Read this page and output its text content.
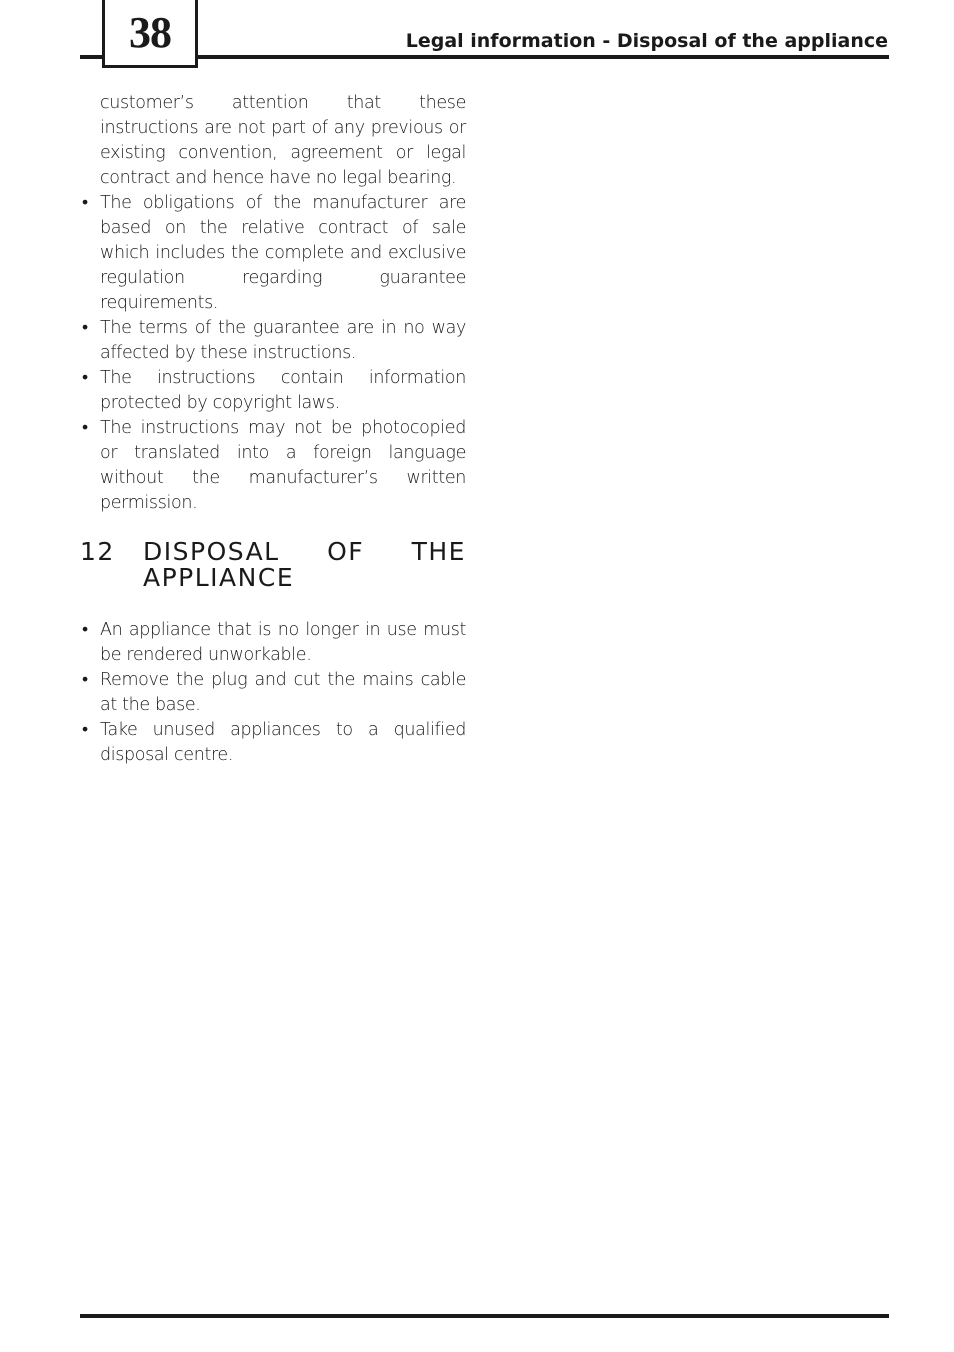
38	Legal information - Disposal of the appliance

customer’s attention that these instructions are not part of any previous or existing convention, agreement or legal contract and hence have no legal bearing.

• The obligations of the manufacturer are based on the relative contract of sale which includes the complete and exclusive regulation regarding guarantee requirements.
• The terms of the guarantee are in no way affected by these instructions.
• The instructions contain information protected by copyright laws.
• The instructions may not be photocopied or translated into a foreign language without the manufacturer’s written permission.
12	DISPOSAL OF THE
APPLIANCE
• An appliance that is no longer in use must be rendered unworkable.
• Remove the plug and cut the mains cable at the base.
• Take unused appliances to a qualified disposal centre.
